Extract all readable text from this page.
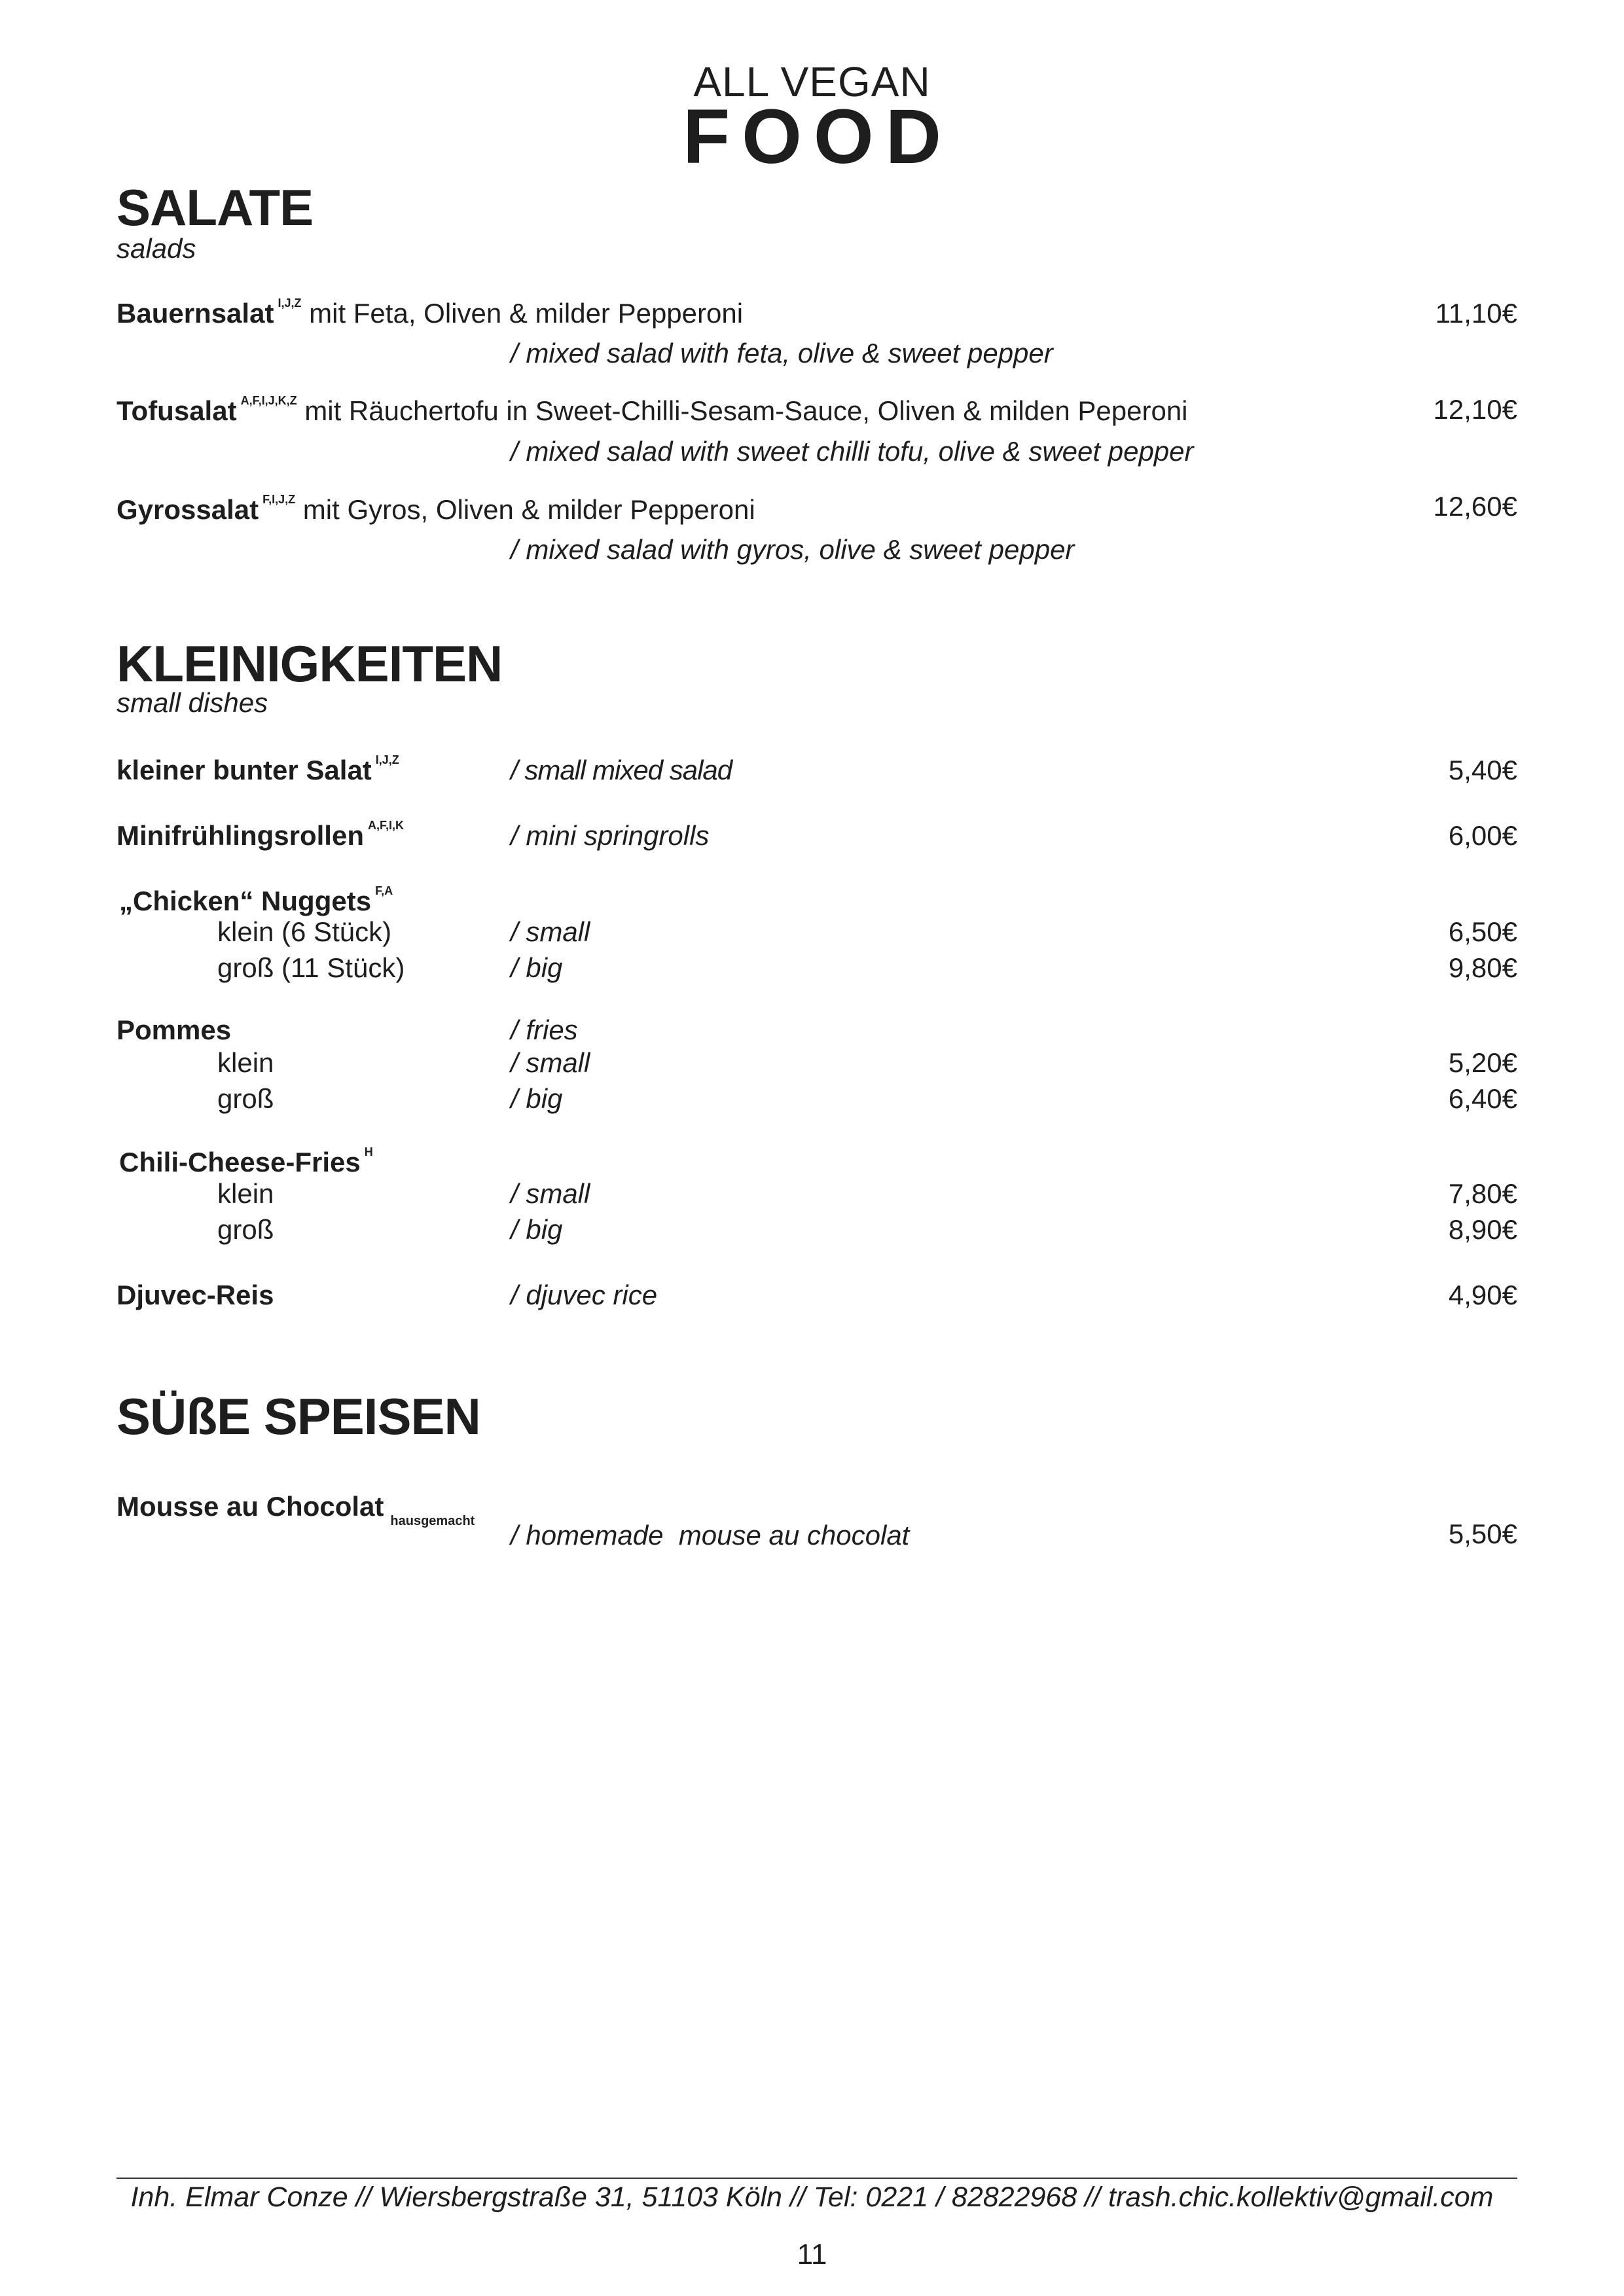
ALL VEGAN
FOOD
SALATE
salads
Bauernsalat $^{I,J,Z}$ mit Feta, Oliven & milder Pepperoni
/ mixed salad with feta, olive & sweet pepper
11,10€
Tofusalat $^{A,F,I,J,K,Z}$ mit Räuchertofu in Sweet-Chilli-Sesam-Sauce, Oliven & milden Peperoni
/ mixed salad with sweet chilli tofu, olive & sweet pepper
12,10€
Gyrossalat $^{F,I,J,Z}$ mit Gyros, Oliven & milder Pepperoni
/ mixed salad with gyros, olive & sweet pepper
12,60€
KLEINIGKEITEN
small dishes
kleiner bunter Salat $^{I,J,Z}$	/ small mixed salad	5,40€
Minifrühlingsrollen $^{A,F,I,K}$	/ mini springrolls	6,00€
„Chicken“ Nuggets $^{F,A}$
klein (6 Stück)	/ small	6,50€
groß (11 Stück)	/ big	9,80€
Pommes	/ fries
klein	/ small	5,20€
groß	/ big	6,40€
Chili-Cheese-Fries $^H$
klein	/ small	7,80€
groß	/ big	8,90€
Djuvec-Reis	/ djuvec rice	4,90€
SÜßE SPEISEN
Mousse au Chocolat $_{hausgemacht}$ / homemade  mouse au chocolat	5,50€
Inh. Elmar Conze // Wiersbergstraße 31, 51103 Köln // Tel: 0221 / 82822968 // trash.chic.kollektiv@gmail.com
11
